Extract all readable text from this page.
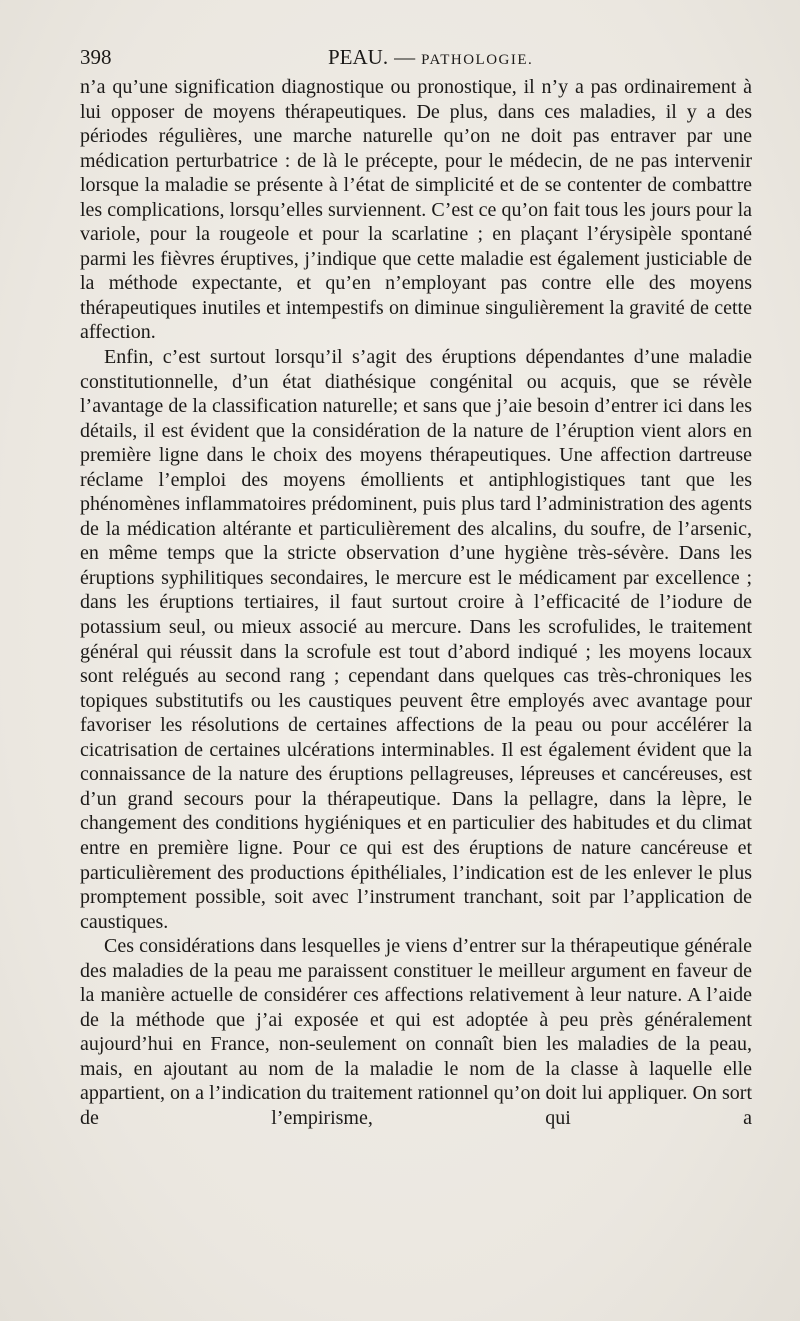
398	PEAU. — PATHOLOGIE.

n’a qu’une signification diagnostique ou pronostique, il n’y a pas ordinairement à lui opposer de moyens thérapeutiques. De plus, dans ces maladies, il y a des périodes régulières, une marche naturelle qu’on ne doit pas entraver par une médication perturbatrice : de là le précepte, pour le médecin, de ne pas intervenir lorsque la maladie se présente à l’état de simplicité et de se contenter de combattre les complications, lorsqu’elles surviennent. C’est ce qu’on fait tous les jours pour la variole, pour la rougeole et pour la scarlatine ; en plaçant l’érysipèle spontané parmi les fièvres éruptives, j’indique que cette maladie est également justiciable de la méthode expectante, et qu’en n’employant pas contre elle des moyens thérapeutiques inutiles et intempestifs on diminue singulièrement la gravité de cette affection.

Enfin, c’est surtout lorsqu’il s’agit des éruptions dépendantes d’une maladie constitutionnelle, d’un état diathésique congénital ou acquis, que se révèle l’avantage de la classification naturelle; et sans que j’aie besoin d’entrer ici dans les détails, il est évident que la considération de la nature de l’éruption vient alors en première ligne dans le choix des moyens thérapeutiques. Une affection dartreuse réclame l’emploi des moyens émollients et antiphlogistiques tant que les phénomènes inflammatoires prédominent, puis plus tard l’administration des agents de la médication altérante et particulièrement des alcalins, du soufre, de l’arsenic, en même temps que la stricte observation d’une hygiène très-sévère. Dans les éruptions syphilitiques secondaires, le mercure est le médicament par excellence ; dans les éruptions tertiaires, il faut surtout croire à l’efficacité de l’iodure de potassium seul, ou mieux associé au mercure. Dans les scrofulides, le traitement général qui réussit dans la scrofule est tout d’abord indiqué ; les moyens locaux sont relégués au second rang ; cependant dans quelques cas très-chroniques les topiques substitutifs ou les caustiques peuvent être employés avec avantage pour favoriser les résolutions de certaines affections de la peau ou pour accélérer la cicatrisation de certaines ulcérations interminables. Il est également évident que la connaissance de la nature des éruptions pellagreuses, lépreuses et cancéreuses, est d’un grand secours pour la thérapeutique. Dans la pellagre, dans la lèpre, le changement des conditions hygiéniques et en particulier des habitudes et du climat entre en première ligne. Pour ce qui est des éruptions de nature cancéreuse et particulièrement des productions épithéliales, l’indication est de les enlever le plus promptement possible, soit avec l’instrument tranchant, soit par l’application de caustiques.

Ces considérations dans lesquelles je viens d’entrer sur la thérapeutique générale des maladies de la peau me paraissent constituer le meilleur argument en faveur de la manière actuelle de considérer ces affections relativement à leur nature. A l’aide de la méthode que j’ai exposée et qui est adoptée à peu près généralement aujourd’hui en France, non-seulement on connaît bien les maladies de la peau, mais, en ajoutant au nom de la maladie le nom de la classe à laquelle elle appartient, on a l’indication du traitement rationnel qu’on doit lui appliquer. On sort de l’empirisme, qui a
